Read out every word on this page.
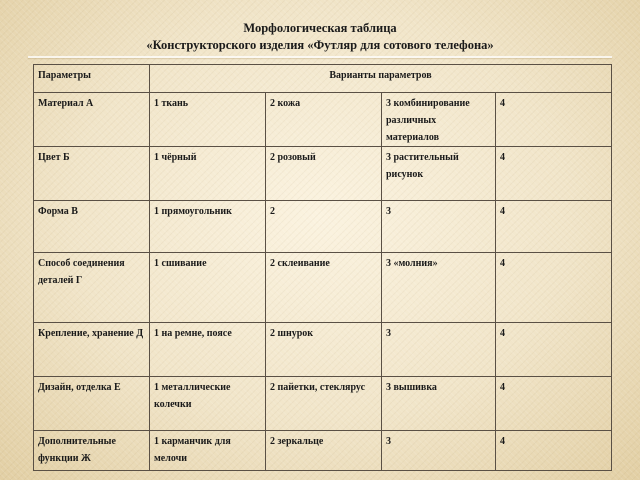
Морфологическая таблица
«Конструкторского изделия «Футляр для сотового телефона»
Параметры	Варианты параметров			

Материал А	1 ткань	2 кожа	3 комбинирование различных материалов	4

Цвет Б	1 чёрный	2 розовый	3 растительный рисунок	4

Форма В	1 прямоугольник	2	3	4

Способ соединения деталей Г	1 сшивание	2 склеивание	3 «молния»	4

Крепление, хранение Д	1 на ремне, поясе	2 шнурок	3	4

Дизайн, отделка Е	1 металлические колечки	2 пайетки, стеклярус	3 вышивка	4

Дополнительные функции Ж	1 карманчик для мелочи	2 зеркальце	3	4
